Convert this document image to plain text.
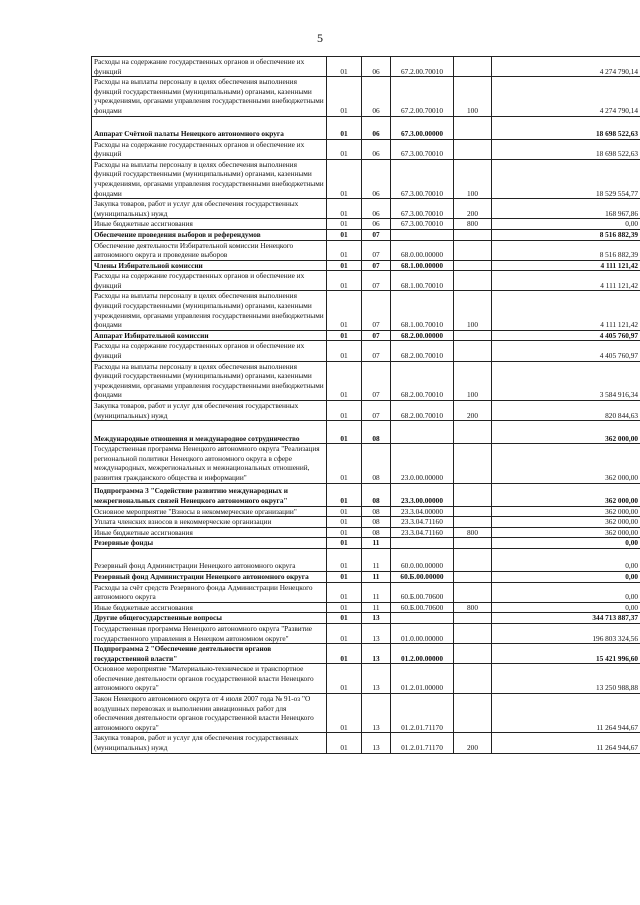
5
Расходы на содержание государственных органов и обеспечение их функций	01	06	67.2.00.70010		4 274 790,14
Расходы на выплаты персоналу в целях обеспечения выполнения функций государственными (муниципальными) органами, казенными учреждениями, органами управления государственными внебюджетными фондами	01	06	67.2.00.70010	100	4 274 790,14
Аппарат Счётной палаты Ненецкого автономного округа	01	06	67.3.00.00000		18 698 522,63
Расходы на содержание государственных органов и обеспечение их функций	01	06	67.3.00.70010		18 698 522,63
Расходы на выплаты персоналу в целях обеспечения выполнения функций государственными (муниципальными) органами, казенными учреждениями, органами управления государственными внебюджетными фондами	01	06	67.3.00.70010	100	18 529 554,77
Закупка товаров, работ и услуг для обеспечения государственных (муниципальных) нужд	01	06	67.3.00.70010	200	168 967,86
Иные бюджетные ассигнования	01	06	67.3.00.70010	800	0,00
Обеспечение проведения выборов и референдумов	01	07			8 516 882,39
Обеспечение деятельности Избирательной комиссии Ненецкого автономного округа и проведение выборов	01	07	68.0.00.00000		8 516 882,39
Члены Избирательной комиссии	01	07	68.1.00.00000		4 111 121,42
Расходы на содержание государственных органов и обеспечение их функций	01	07	68.1.00.70010		4 111 121,42
Расходы на выплаты персоналу в целях обеспечения выполнения функций государственными (муниципальными) органами, казенными учреждениями, органами управления государственными внебюджетными фондами	01	07	68.1.00.70010	100	4 111 121,42
Аппарат Избирательной комиссии	01	07	68.2.00.00000		4 405 760,97
Расходы на содержание государственных органов и обеспечение их функций	01	07	68.2.00.70010		4 405 760,97
Расходы на выплаты персоналу в целях обеспечения выполнения функций государственными (муниципальными) органами, казенными учреждениями, органами управления государственными внебюджетными фондами	01	07	68.2.00.70010	100	3 584 916,34
Закупка товаров, работ и услуг для обеспечения государственных (муниципальных) нужд	01	07	68.2.00.70010	200	820 844,63
Международные отношения и международное сотрудничество	01	08			362 000,00
Государственная программа Ненецкого автономного округа "Реализация региональной политики Ненецкого автономного округа в сфере международных, межрегиональных и межнациональных отношений, развития гражданского общества и информации"	01	08	23.0.00.00000		362 000,00
Подпрограмма 3 "Содействие развитию международных и межрегиональных связей Ненецкого автономного округа"	01	08	23.3.00.00000		362 000,00
Основное мероприятие "Взносы в некоммерческие организации"	01	08	23.3.04.00000		362 000,00
Уплата членских взносов в некоммерческие организации	01	08	23.3.04.71160		362 000,00
Иные бюджетные ассигнования	01	08	23.3.04.71160	800	362 000,00
Резервные фонды	01	11			0,00
Резервный фонд Администрации Ненецкого автономного округа	01	11	60.0.00.00000		0,00
Резервный фонд Администрации Ненецкого автономного округа	01	11	60.Б.00.00000		0,00
Расходы за счёт средств Резервного фонда Администрации Ненецкого автономного округа	01	11	60.Б.00.70600		0,00
Иные бюджетные ассигнования	01	11	60.Б.00.70600	800	0,00
Другие общегосударственные вопросы	01	13			344 713 887,37
Государственная программа Ненецкого автономного округа "Развитие государственного управления в Ненецком автономном округе"	01	13	01.0.00.00000		196 803 324,56
Подпрограмма 2 "Обеспечение деятельности органов государственной власти"	01	13	01.2.00.00000		15 421 996,60
Основное мероприятие "Материально-техническое и транспортное обеспечение деятельности органов государственной власти Ненецкого автономного округа"	01	13	01.2.01.00000		13 250 988,88
Закон Ненецкого автономного округа от 4 июля 2007 года № 91-оз "О воздушных перевозках и выполнении авиационных работ для обеспечения деятельности органов государственной власти Ненецкого автономного округа"	01	13	01.2.01.71170		11 264 944,67
Закупка товаров, работ и услуг для обеспечения государственных (муниципальных) нужд	01	13	01.2.01.71170	200	11 264 944,67
